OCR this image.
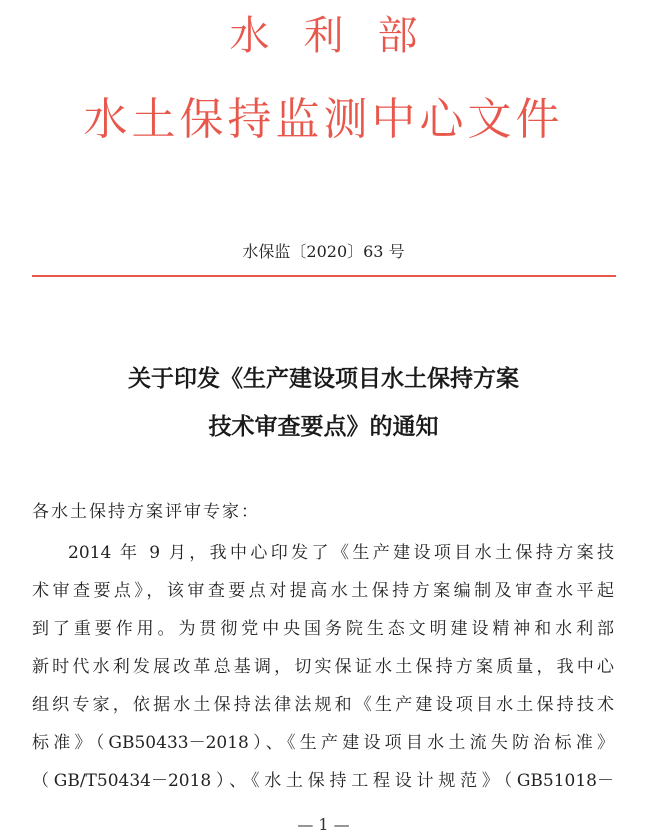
水利部
水土保持监测中心文件
水保监〔2020〕63 号
关于印发《生产建设项目水土保持方案
技术审查要点》的通知
各水土保持方案评审专家：
2014 年 9 月，我中心印发了《生产建设项目水土保持方案技
术审查要点》，该审查要点对提高水土保持方案编制及审查水平起
到了重要作用。为贯彻党中央国务院生态文明建设精神和水利部
新时代水利发展改革总基调，切实保证水土保持方案质量，我中心
组织专家，依据水土保持法律法规和《生产建设项目水土保持技术
标准》（GB50433－2018）、《生产建设项目水土流失防治标准》
（GB/T50434－2018）、《水土保持工程设计规范》（GB51018－
— 1 —
